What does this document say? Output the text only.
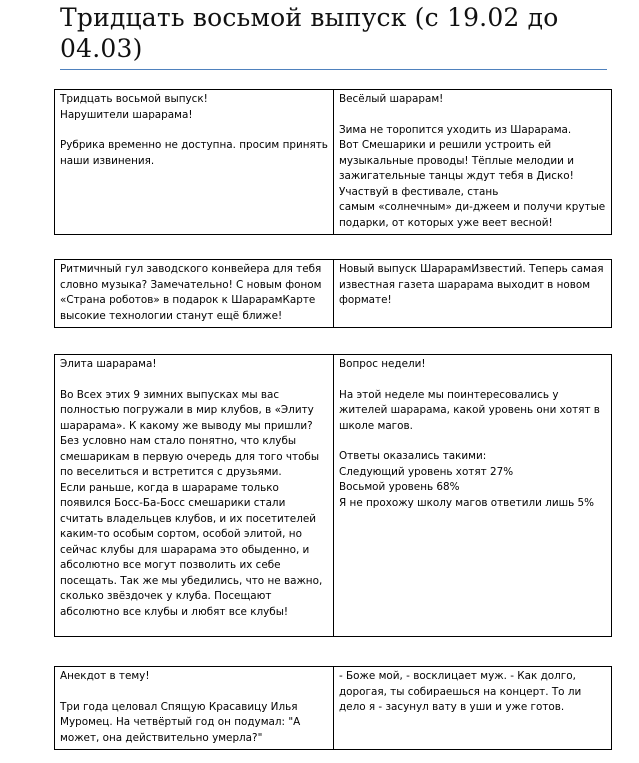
Тридцать восьмой выпуск (с 19.02 до 04.03)

Тридцать восьмой выпуск!

Нарушители шарарама!

Рубрика временно не доступна. просим принять наши извинения.

Весёлый шарарам!

Зима не торопится уходить из Шарарама.

Вот Смешарики и решили устроить ей музыкальные проводы! Тёплые мелодии и зажигательные танцы ждут тебя в Диско!

Участвуй в фестивале, стань

самым «солнечным» ди-джеем и получи крутые подарки, от которых уже веет весной!

Ритмичный гул заводского конвейера для тебя словно музыка? Замечательно! С новым фоном «Страна роботов» в подарок к ШарарамКарте высокие технологии станут ещё ближе!

Новый выпуск ШарарамИзвестий. Теперь самая известная газета шарарама выходит в новом формате!

Элита шарарама!

Во Всех этих 9 зимних выпусках мы вас полностью погружали в мир клубов, в «Элиту шарарама». К какому же выводу мы пришли? Без условно нам стало понятно, что клубы смешарикам в первую очередь для того чтобы по веселиться и встретится с друзьями.

Если раньше, когда в шарараме только появился Босс-Ба-Босс смешарики стали считать владельцев клубов, и их посетителей каким-то особым сортом, особой элитой, но сейчас клубы для шарарама это обыденно, и абсолютно все могут позволить их себе посещать. Так же мы убедились, что не важно, сколько звёздочек у клуба. Посещают абсолютно все клубы и любят все клубы!

Вопрос недели!

На этой неделе мы поинтересовались у жителей шарарама, какой уровень они хотят в школе магов.

Ответы оказались такими:

Следующий уровень хотят 27%

Восьмой уровень 68%

Я не прохожу школу магов ответили лишь 5%

Анекдот в тему!

Три года целовал Спящую Красавицу Илья Муромец. На четвёртый год он подумал: "А может, она действительно умерла?"

- Боже мой, - восклицает муж. - Как долго, дорогая, ты собираешься на концерт. То ли дело я - засунул вату в уши и уже готов.
